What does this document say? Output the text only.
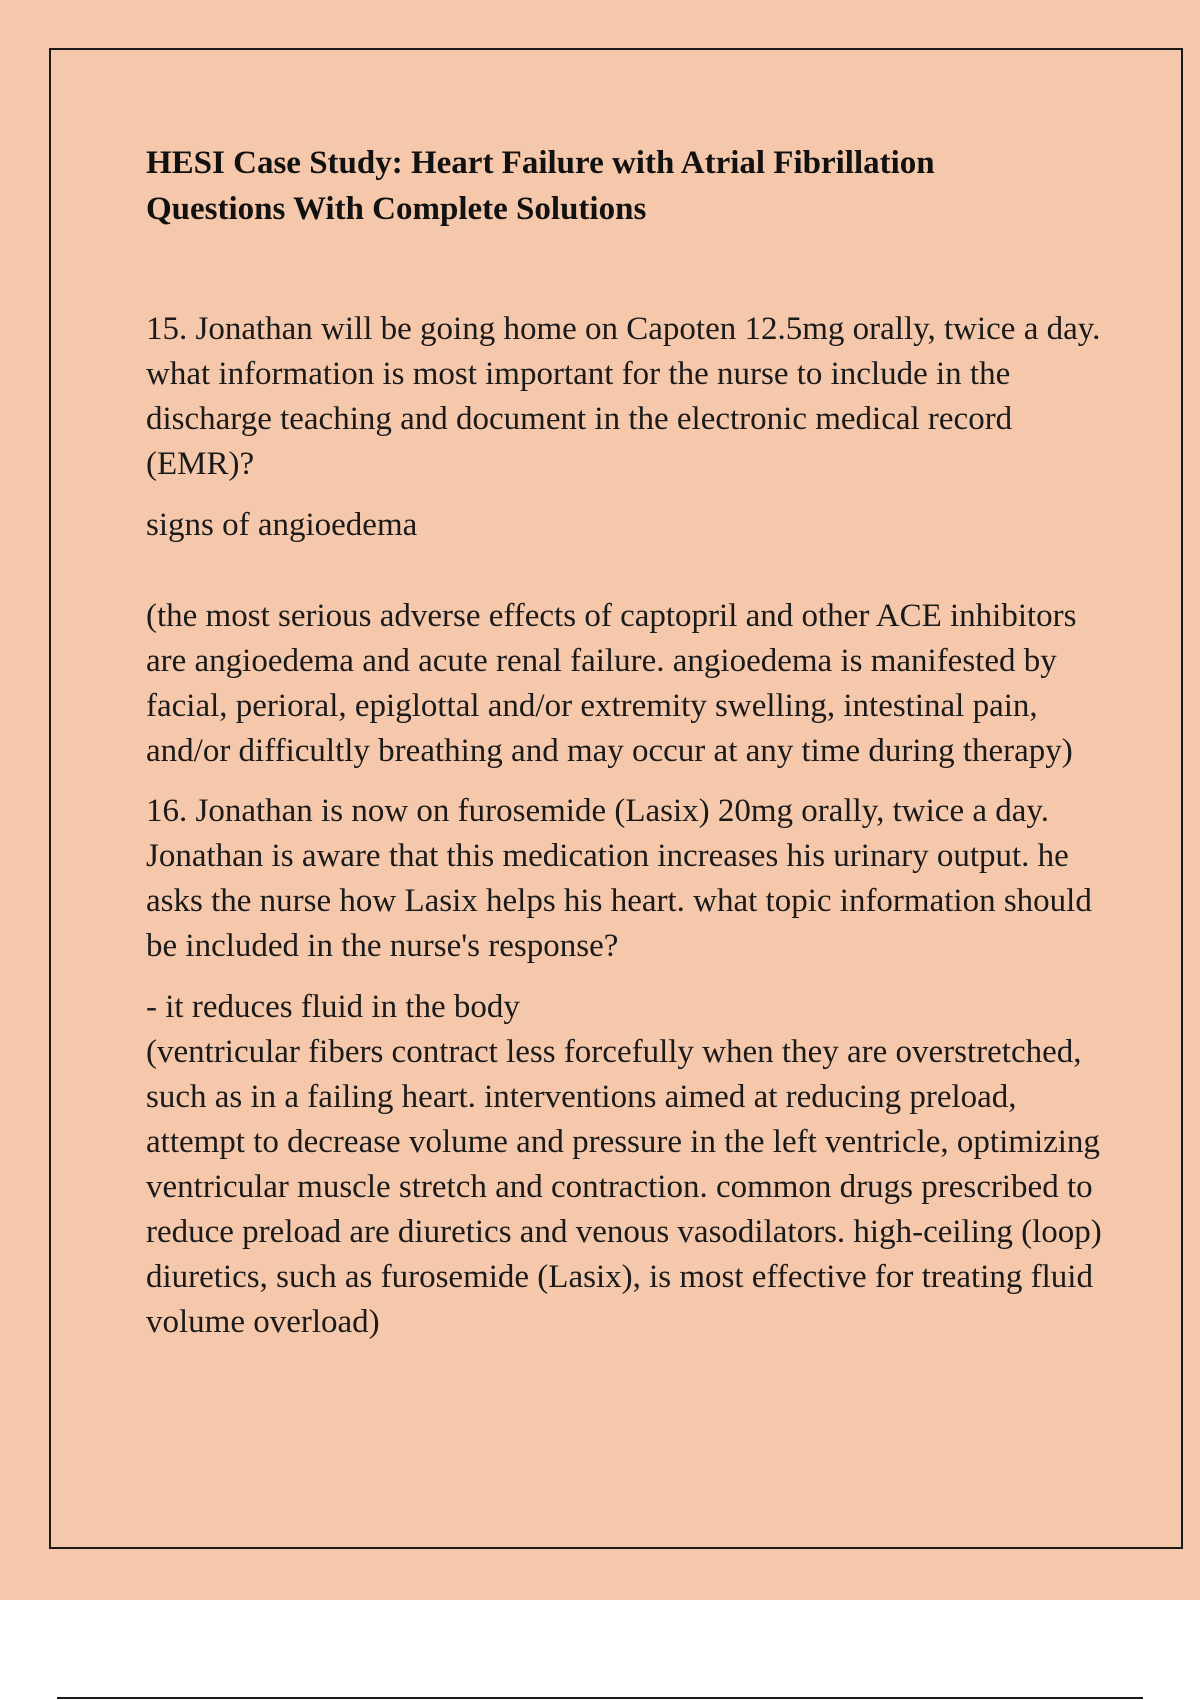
HESI Case Study: Heart Failure with Atrial Fibrillation
Questions With Complete Solutions

15. Jonathan will be going home on Capoten 12.5mg orally, twice a day. what information is most important for the nurse to include in the discharge teaching and document in the electronic medical record (EMR)?

signs of angioedema

(the most serious adverse effects of captopril and other ACE inhibitors are angioedema and acute renal failure. angioedema is manifested by facial, perioral, epiglottal and/or extremity swelling, intestinal pain, and/or difficultly breathing and may occur at any time during therapy)

16. Jonathan is now on furosemide (Lasix) 20mg orally, twice a day. Jonathan is aware that this medication increases his urinary output. he asks the nurse how Lasix helps his heart. what topic information should be included in the nurse's response?

- it reduces fluid in the body

(ventricular fibers contract less forcefully when they are overstretched, such as in a failing heart. interventions aimed at reducing preload, attempt to decrease volume and pressure in the left ventricle, optimizing ventricular muscle stretch and contraction. common drugs prescribed to reduce preload are diuretics and venous vasodilators. high-ceiling (loop) diuretics, such as furosemide (Lasix), is most effective for treating fluid volume overload)
